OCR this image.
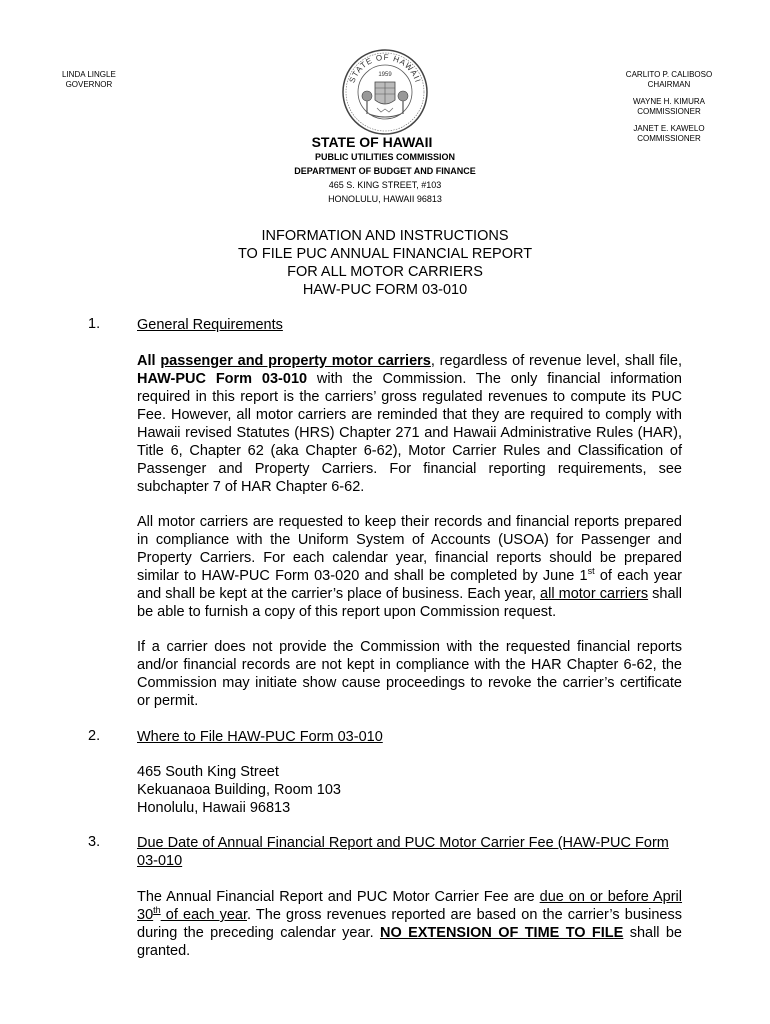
LINDA LINGLE
GOVERNOR
STATE OF HAWAII
1959	CARLITO P. CALIBOSO
CHAIRMAN
WAYNE H. KIMURA
COMMISSIONER
JANET E. KAWELO
COMMISSIONER
STATE OF HAWAII
PUBLIC UTILITIES COMMISSION
DEPARTMENT OF BUDGET AND FINANCE
465 S. KING STREET, #103
HONOLULU, HAWAII 96813
INFORMATION AND INSTRUCTIONS
TO FILE PUC ANNUAL FINANCIAL REPORT
FOR ALL MOTOR CARRIERS
HAW-PUC FORM 03-010
1.	General Requirements
All passenger and property motor carriers, regardless of revenue level, shall file, HAW-PUC Form 03-010 with the Commission. The only financial information required in this report is the carriers’ gross regulated revenues to compute its PUC Fee. However, all motor carriers are reminded that they are required to comply with Hawaii revised Statutes (HRS) Chapter 271 and Hawaii Administrative Rules (HAR), Title 6, Chapter 62 (aka Chapter 6-62), Motor Carrier Rules and Classification of Passenger and Property Carriers. For financial reporting requirements, see subchapter 7 of HAR Chapter 6-62.
All motor carriers are requested to keep their records and financial reports prepared in compliance with the Uniform System of Accounts (USOA) for Passenger and Property Carriers. For each calendar year, financial reports should be prepared similar to HAW-PUC Form 03-020 and shall be completed by June 1st of each year and shall be kept at the carrier’s place of business. Each year, all motor carriers shall be able to furnish a copy of this report upon Commission request.
If a carrier does not provide the Commission with the requested financial reports and/or financial records are not kept in compliance with the HAR Chapter 6-62, the Commission may initiate show cause proceedings to revoke the carrier’s certificate or permit.
2.	Where to File HAW-PUC Form 03-010
465 South King Street
Kekuanaoa Building, Room 103
Honolulu, Hawaii 96813
3.	Due Date of Annual Financial Report and PUC Motor Carrier Fee (HAW-PUC Form 03-010
The Annual Financial Report and PUC Motor Carrier Fee are due on or before April 30th of each year. The gross revenues reported are based on the carrier’s business during the preceding calendar year. NO EXTENSION OF TIME TO FILE shall be granted.
